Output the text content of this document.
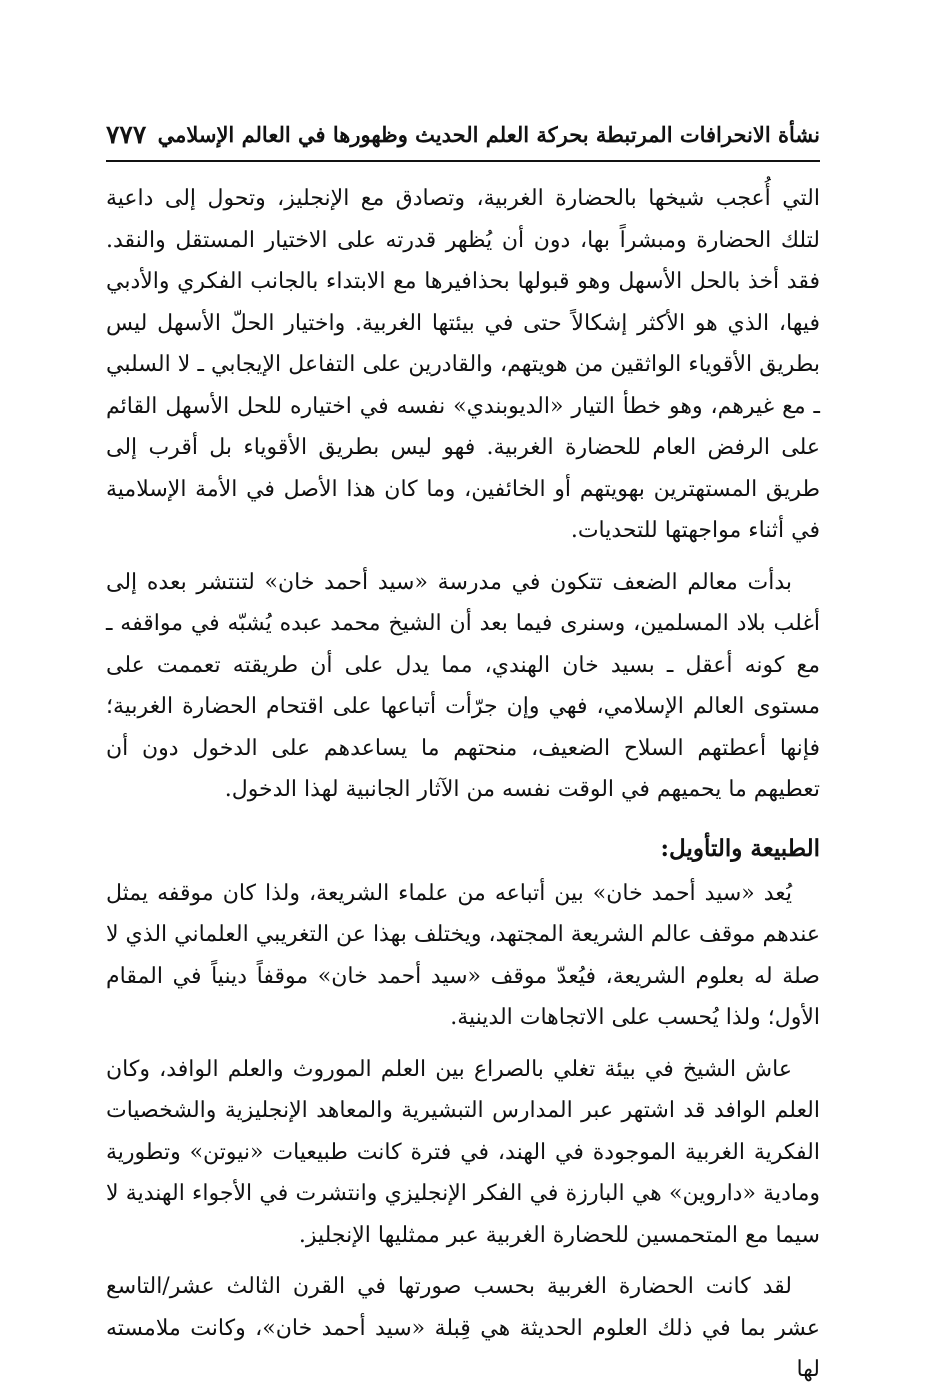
نشأة الانحرافات المرتبطة بحركة العلم الحديث وظهورها في العالم الإسلامي
٧٧٧

التي أُعجب شيخها بالحضارة الغربية، وتصادق مع الإنجليز، وتحول إلى داعية لتلك الحضارة ومبشراً بها، دون أن يُظهر قدرته على الاختيار المستقل والنقد. فقد أخذ بالحل الأسهل وهو قبولها بحذافيرها مع الابتداء بالجانب الفكري والأدبي فيها، الذي هو الأكثر إشكالاً حتى في بيئتها الغربية. واختيار الحلّ الأسهل ليس بطريق الأقوياء الواثقين من هويتهم، والقادرين على التفاعل الإيجابي ـ لا السلبي ـ مع غيرهم، وهو خطأ التيار «الديوبندي» نفسه في اختياره للحل الأسهل القائم على الرفض العام للحضارة الغربية. فهو ليس بطريق الأقوياء بل أقرب إلى طريق المستهترين بهويتهم أو الخائفين، وما كان هذا الأصل في الأمة الإسلامية في أثناء مواجهتها للتحديات.

بدأت معالم الضعف تتكون في مدرسة «سيد أحمد خان» لتنتشر بعده إلى أغلب بلاد المسلمين، وسنرى فيما بعد أن الشيخ محمد عبده يُشبّه في مواقفه ـ مع كونه أعقل ـ بسيد خان الهندي، مما يدل على أن طريقته تعممت على مستوى العالم الإسلامي، فهي وإن جرّأت أتباعها على اقتحام الحضارة الغربية؛ فإنها أعطتهم السلاح الضعيف، منحتهم ما يساعدهم على الدخول دون أن تعطيهم ما يحميهم في الوقت نفسه من الآثار الجانبية لهذا الدخول.

الطبيعة والتأويل:

يُعد «سيد أحمد خان» بين أتباعه من علماء الشريعة، ولذا كان موقفه يمثل عندهم موقف عالم الشريعة المجتهد، ويختلف بهذا عن التغريبي العلماني الذي لا صلة له بعلوم الشريعة، فيُعدّ موقف «سيد أحمد خان» موقفاً دينياً في المقام الأول؛ ولذا يُحسب على الاتجاهات الدينية.

عاش الشيخ في بيئة تغلي بالصراع بين العلم الموروث والعلم الوافد، وكان العلم الوافد قد اشتهر عبر المدارس التبشيرية والمعاهد الإنجليزية والشخصيات الفكرية الغربية الموجودة في الهند، في فترة كانت طبيعيات «نيوتن» وتطورية ومادية «داروين» هي البارزة في الفكر الإنجليزي وانتشرت في الأجواء الهندية لا سيما مع المتحمسين للحضارة الغربية عبر ممثليها الإنجليز.

لقد كانت الحضارة الغربية بحسب صورتها في القرن الثالث عشر/التاسع عشر بما في ذلك العلوم الحديثة هي قِبلة «سيد أحمد خان»، وكانت ملامسته لها
